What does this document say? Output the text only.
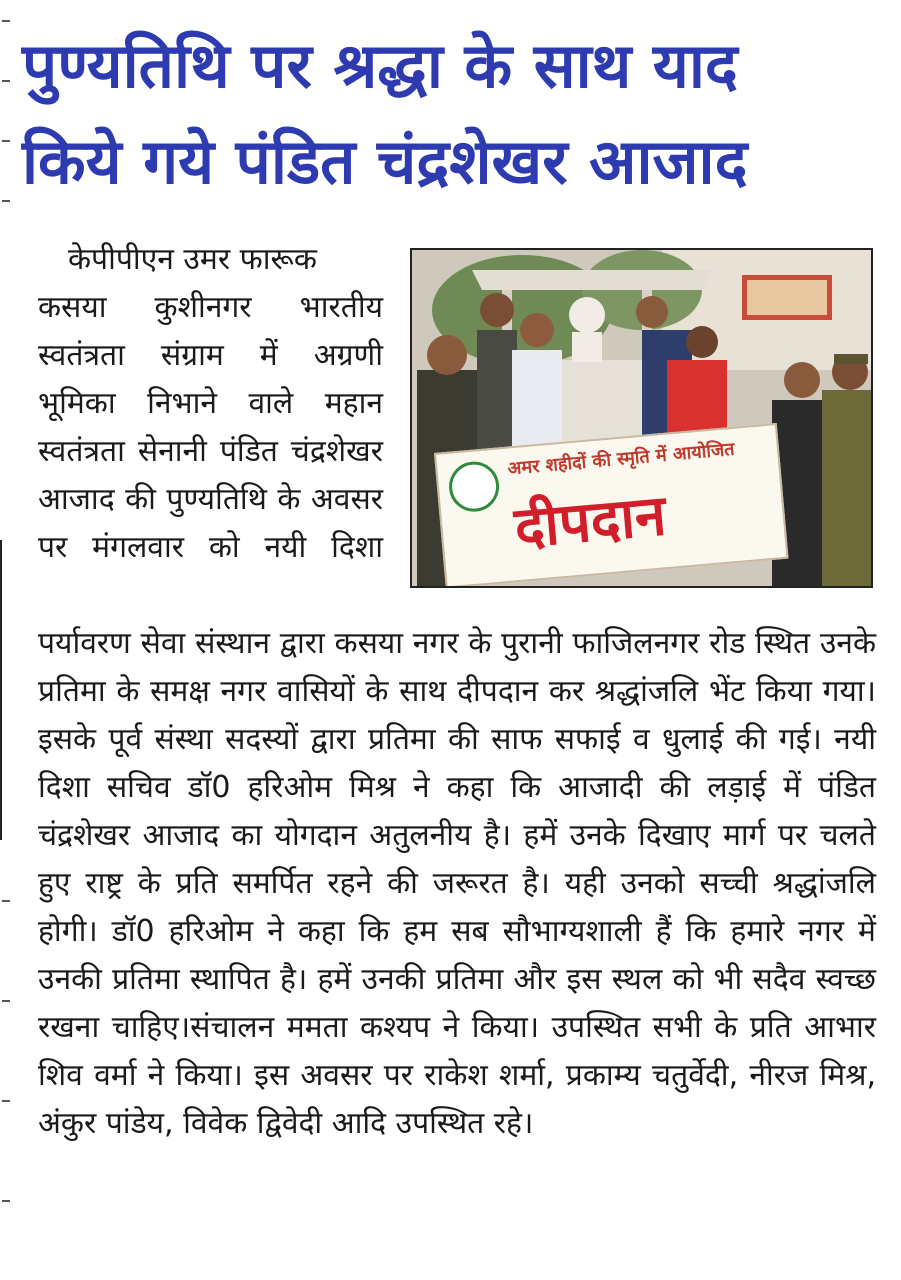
पुण्यतिथि पर श्रद्धा के साथ याद
किये गये पंडित चंद्रशेखर आजाद
केपीपीएन उमर फारूक
कसया कुशीनगर भारतीय स्वतंत्रता संग्राम में अग्रणी भूमिका निभाने वाले महान स्वतंत्रता सेनानी पंडित चंद्रशेखर आजाद की पुण्यतिथि के अवसर पर मंगलवार को नयी दिशा
अमर शहीदों की स्मृति में आयोजित
दीपदान
पर्यावरण सेवा संस्थान द्वारा कसया नगर के पुरानी फाजिलनगर रोड स्थित उनके प्रतिमा के समक्ष नगर वासियों के साथ दीपदान कर श्रद्धांजलि भेंट किया गया। इसके पूर्व संस्था सदस्यों द्वारा प्रतिमा की साफ सफाई व धुलाई की गई। नयी दिशा सचिव डॉ0 हरिओम मिश्र ने कहा कि आजादी की लड़ाई में पंडित चंद्रशेखर आजाद का योगदान अतुलनीय है। हमें उनके दिखाए मार्ग पर चलते हुए राष्ट्र के प्रति समर्पित रहने की जरूरत है। यही उनको सच्ची श्रद्धांजलि होगी। डॉ0 हरिओम ने कहा कि हम सब सौभाग्यशाली हैं कि हमारे नगर में उनकी प्रतिमा स्थापित है। हमें उनकी प्रतिमा और इस स्थल को भी सदैव स्वच्छ रखना चाहिए।संचालन ममता कश्यप ने किया। उपस्थित सभी के प्रति आभार शिव वर्मा ने किया। इस अवसर पर राकेश शर्मा, प्रकाम्य चतुर्वेदी, नीरज मिश्र, अंकुर पांडेय, विवेक द्विवेदी आदि उपस्थित रहे।
